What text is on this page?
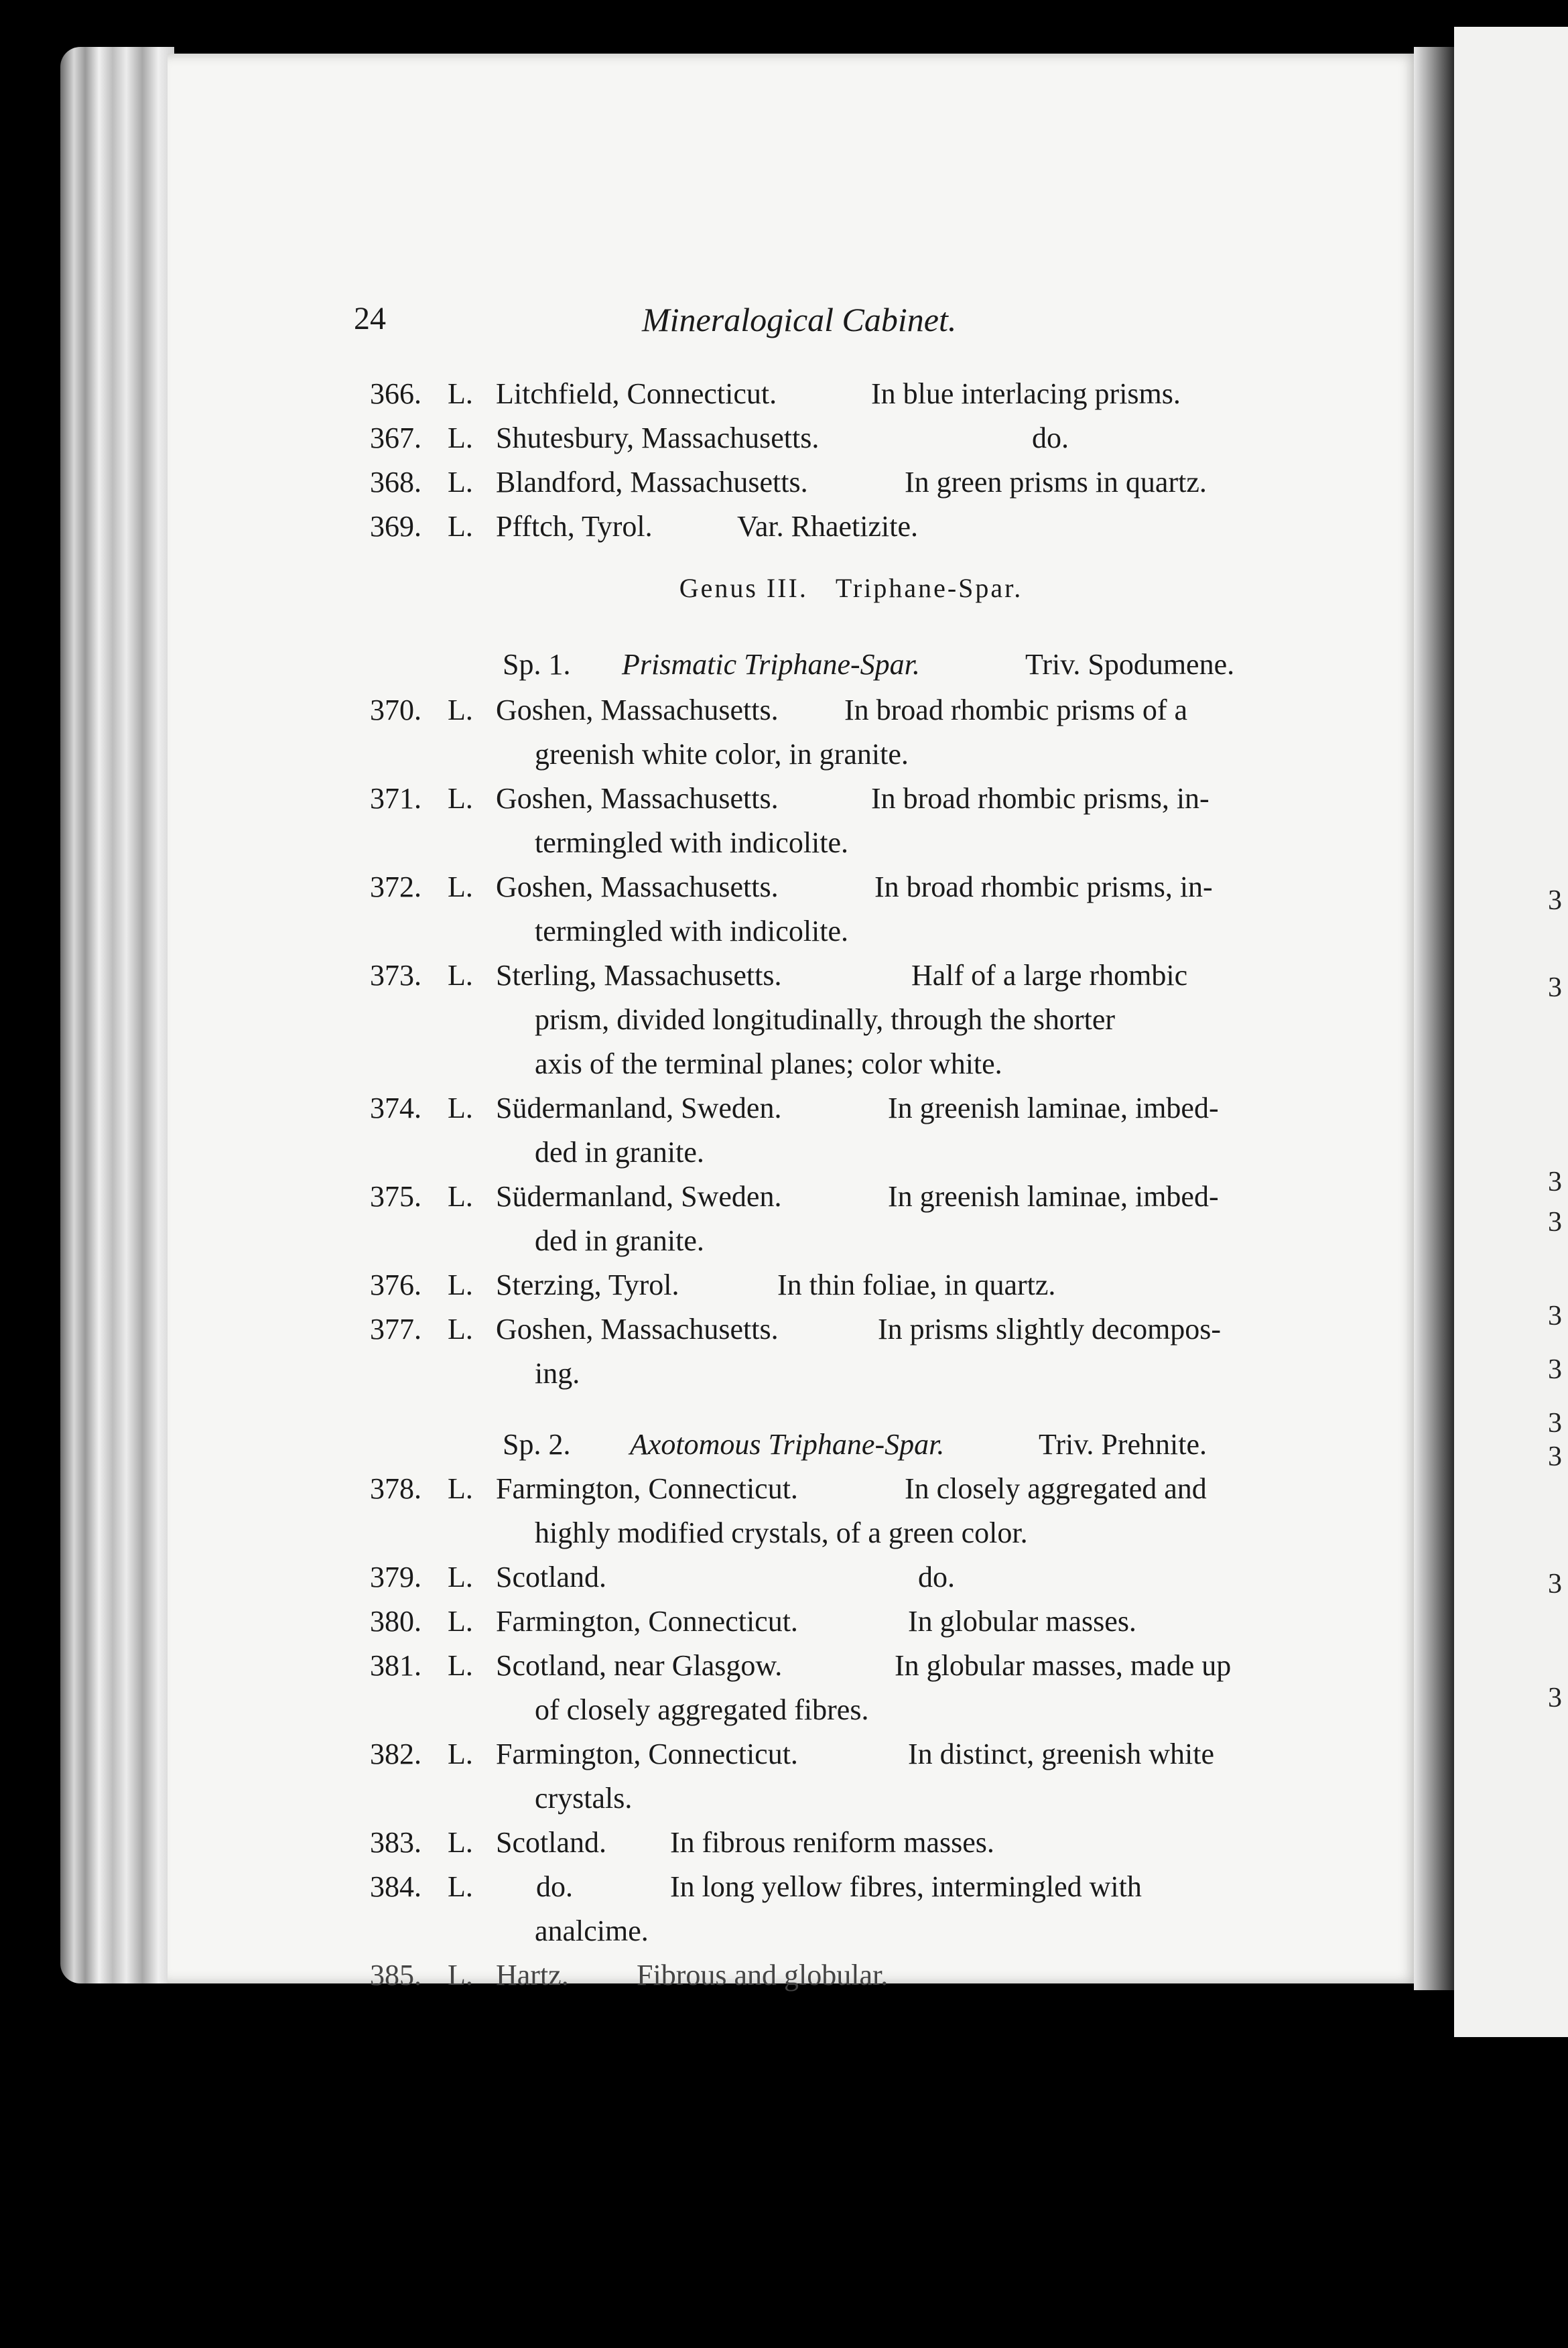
3
3
3
3
3
3
3
3
3
3
24	Mineralogical Cabinet.
366. L. Litchfield, Connecticut.	In blue interlacing prisms.
367. L. Shutesbury, Massachusetts.	do.
368. L. Blandford, Massachusetts.	In green prisms in quartz.
369. L. Pfftch, Tyrol.	Var. Rhaetizite.
Genus III. Triphane-Spar.
Sp. 1. Prismatic Triphane-Spar.	Triv. Spodumene.
370. L. Goshen, Massachusetts. In broad rhombic prisms of a
greenish white color, in granite.
371. L. Goshen, Massachusetts.	In broad rhombic prisms, in-
termingled with indicolite.
372. L. Goshen, Massachusetts.	In broad rhombic prisms, in-
termingled with indicolite.
373. L. Sterling, Massachusetts.	Half of a large rhombic
prism, divided longitudinally, through the shorter
axis of the terminal planes; color white.
374. L. Südermanland, Sweden.	In greenish laminae, imbed-
ded in granite.
375. L. Südermanland, Sweden.	In greenish laminae, imbed-
ded in granite.
376. L. Sterzing, Tyrol.	In thin foliae, in quartz.
377. L. Goshen, Massachusetts.	In prisms slightly decompos-
ing.
Sp. 2. Axotomous Triphane-Spar.	Triv. Prehnite.
378. L. Farmington, Connecticut.	In closely aggregated and
highly modified crystals, of a green color.
379. L. Scotland.	do.
380. L. Farmington, Connecticut.	In globular masses.
381. L. Scotland, near Glasgow.	In globular masses, made up
of closely aggregated fibres.
382. L. Farmington, Connecticut.	In distinct, greenish white
crystals.
383. L. Scotland. In fibrous reniform masses.
384. L. do.	In long yellow fibres, intermingled with
analcime.
385. L. Hartz. Fibrous and globular.
